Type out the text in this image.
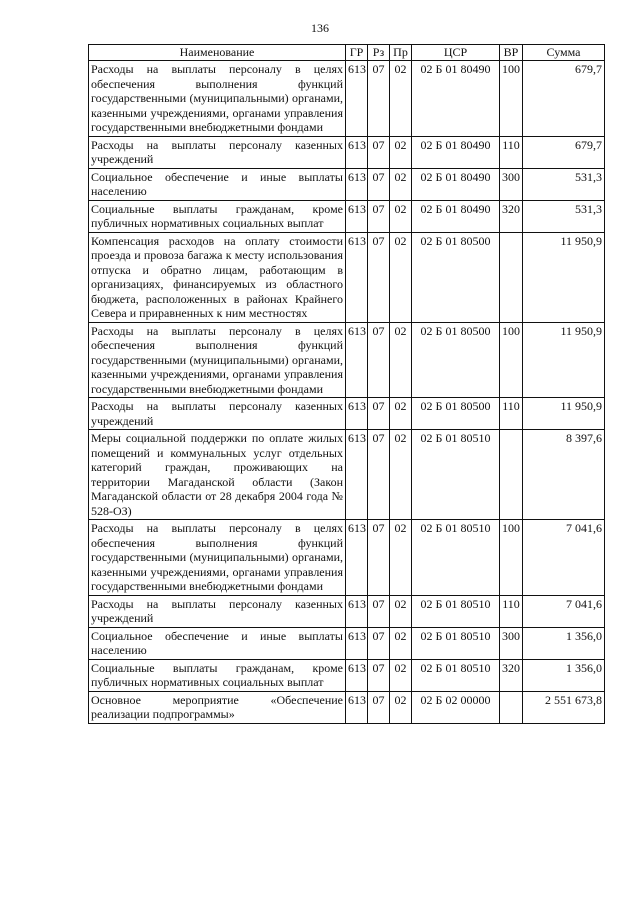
136
Наименование	ГР	Рз	Пр	ЦСР	ВР	Сумма
Расходы на выплаты персоналу в целях обеспечения выполнения функций государственными (муниципальными) органами, казенными учреждениями, органами управления государственными внебюджетными фондами	613	07	02	02 Б 01 80490	100	679,7
Расходы на выплаты персоналу казенных учреждений	613	07	02	02 Б 01 80490	110	679,7
Социальное обеспечение и иные выплаты населению	613	07	02	02 Б 01 80490	300	531,3
Социальные выплаты гражданам, кроме публичных нормативных социальных выплат	613	07	02	02 Б 01 80490	320	531,3
Компенсация расходов на оплату стоимости проезда и провоза багажа к месту использования отпуска и обратно лицам, работающим в организациях, финансируемых из областного бюджета, расположенных в районах Крайнего Севера и приравненных к ним местностях	613	07	02	02 Б 01 80500		11 950,9
Расходы на выплаты персоналу в целях обеспечения выполнения функций государственными (муниципальными) органами, казенными учреждениями, органами управления государственными внебюджетными фондами	613	07	02	02 Б 01 80500	100	11 950,9
Расходы на выплаты персоналу казенных учреждений	613	07	02	02 Б 01 80500	110	11 950,9
Меры социальной поддержки по оплате жилых помещений и коммунальных услуг отдельных категорий граждан, проживающих на территории Магаданской области (Закон Магаданской области от 28 декабря 2004 года № 528-ОЗ)	613	07	02	02 Б 01 80510		8 397,6
Расходы на выплаты персоналу в целях обеспечения выполнения функций государственными (муниципальными) органами, казенными учреждениями, органами управления государственными внебюджетными фондами	613	07	02	02 Б 01 80510	100	7 041,6
Расходы на выплаты персоналу казенных учреждений	613	07	02	02 Б 01 80510	110	7 041,6
Социальное обеспечение и иные выплаты населению	613	07	02	02 Б 01 80510	300	1 356,0
Социальные выплаты гражданам, кроме публичных нормативных социальных выплат	613	07	02	02 Б 01 80510	320	1 356,0
Основное мероприятие «Обеспечение реализации подпрограммы»	613	07	02	02 Б 02 00000		2 551 673,8
